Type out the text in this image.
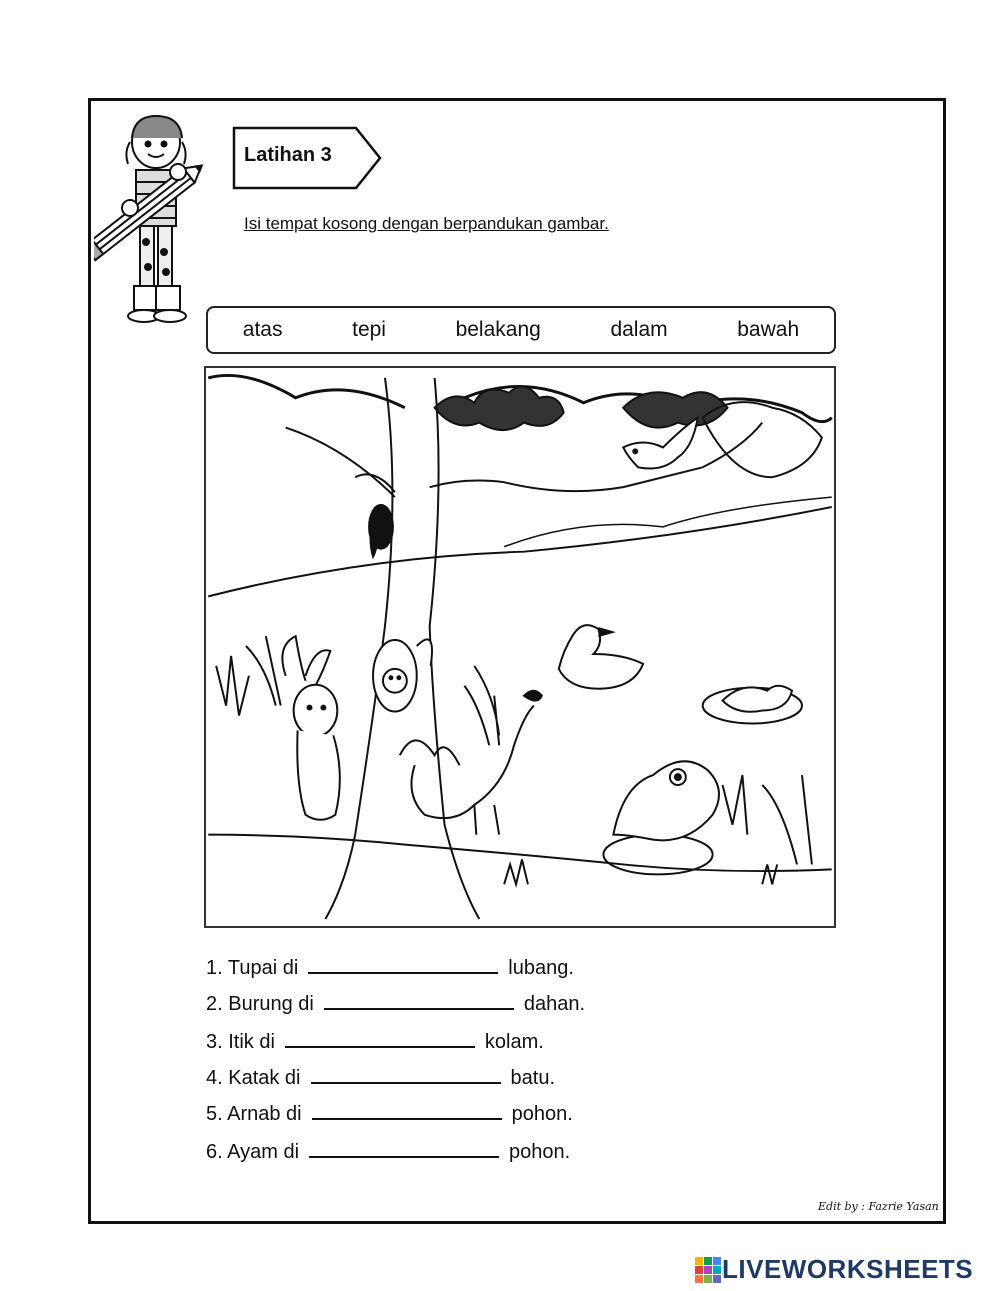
Latihan 3
Isi tempat kosong dengan berpandukan gambar.
atas	tepi	belakang	dalam	bawah
1. Tupai di	lubang.
2. Burung di	dahan.
3. Itik di	kolam.
4. Katak di	batu.
5. Arnab di	pohon.
6. Ayam di	pohon.
Edit by : Fazrie Yasan
LIVEWORKSHEETS
